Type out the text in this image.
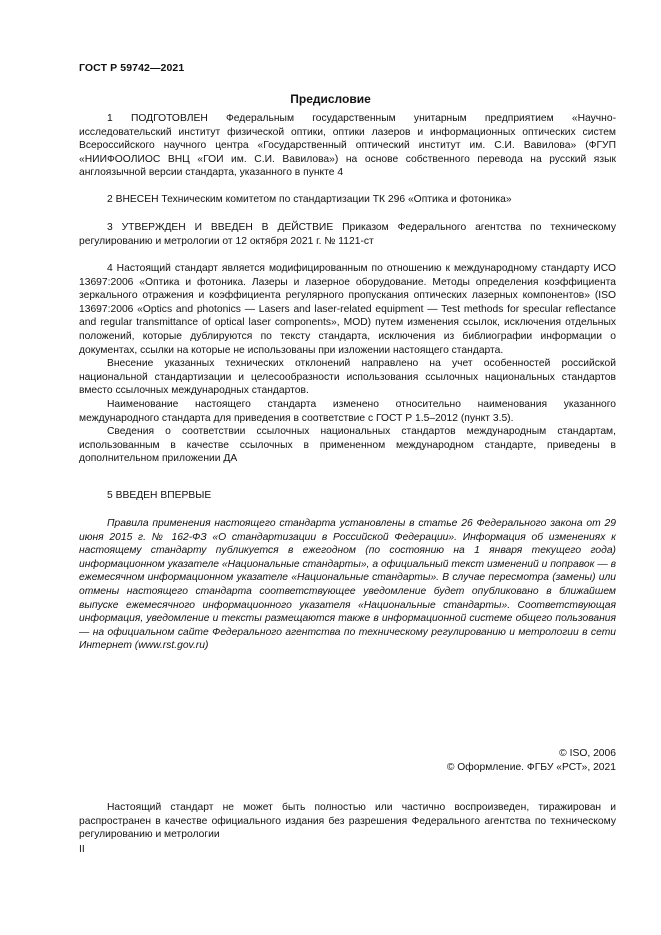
ГОСТ Р 59742—2021
Предисловие

1 ПОДГОТОВЛЕН Федеральным государственным унитарным предприятием «Научно-исследовательский институт физической оптики, оптики лазеров и информационных оптических систем Всероссийского научного центра «Государственный оптический институт им. С.И. Вавилова» (ФГУП «НИИФООЛИОС ВНЦ «ГОИ им. С.И. Вавилова») на основе собственного перевода на русский язык англоязычной версии стандарта, указанного в пункте 4

2 ВНЕСЕН Техническим комитетом по стандартизации ТК 296 «Оптика и фотоника»

3 УТВЕРЖДЕН И ВВЕДЕН В ДЕЙСТВИЕ Приказом Федерального агентства по техническому регулированию и метрологии от 12 октября 2021 г. № 1121-ст

4 Настоящий стандарт является модифицированным по отношению к международному стандарту ИСО 13697:2006 «Оптика и фотоника. Лазеры и лазерное оборудование. Методы определения коэффициента зеркального отражения и коэффициента регулярного пропускания оптических лазерных компонентов» (ISO 13697:2006 «Optics and photonics — Lasers and laser-related equipment — Test methods for specular reflectance and regular transmittance of optical laser components», MOD) путем изменения ссылок, исключения отдельных положений, которые дублируются по тексту стандарта, исключения из библиографии информации о документах, ссылки на которые не использованы при изложении настоящего стандарта.

Внесение указанных технических отклонений направлено на учет особенностей российской национальной стандартизации и целесообразности использования ссылочных национальных стандартов вместо ссылочных международных стандартов.

Наименование настоящего стандарта изменено относительно наименования указанного международного стандарта для приведения в соответствие с ГОСТ Р 1.5–2012 (пункт 3.5).

Сведения о соответствии ссылочных национальных стандартов международным стандартам, использованным в качестве ссылочных в примененном международном стандарте, приведены в дополнительном приложении ДА

5 ВВЕДЕН ВПЕРВЫЕ

Правила применения настоящего стандарта установлены в статье 26 Федерального закона от 29 июня 2015 г. № 162-ФЗ «О стандартизации в Российской Федерации». Информация об изменениях к настоящему стандарту публикуется в ежегодном (по состоянию на 1 января текущего года) информационном указателе «Национальные стандарты», а официальный текст изменений и поправок — в ежемесячном информационном указателе «Национальные стандарты». В случае пересмотра (замены) или отмены настоящего стандарта соответствующее уведомление будет опубликовано в ближайшем выпуске ежемесячного информационного указателя «Национальные стандарты». Соответствующая информация, уведомление и тексты размещаются также в информационной системе общего пользования — на официальном сайте Федерального агентства по техническому регулированию и метрологии в сети Интернет (www.rst.gov.ru)

© ISO, 2006
© Оформление. ФГБУ «РСТ», 2021

Настоящий стандарт не может быть полностью или частично воспроизведен, тиражирован и распространен в качестве официального издания без разрешения Федерального агентства по техническому регулированию и метрологии

II
